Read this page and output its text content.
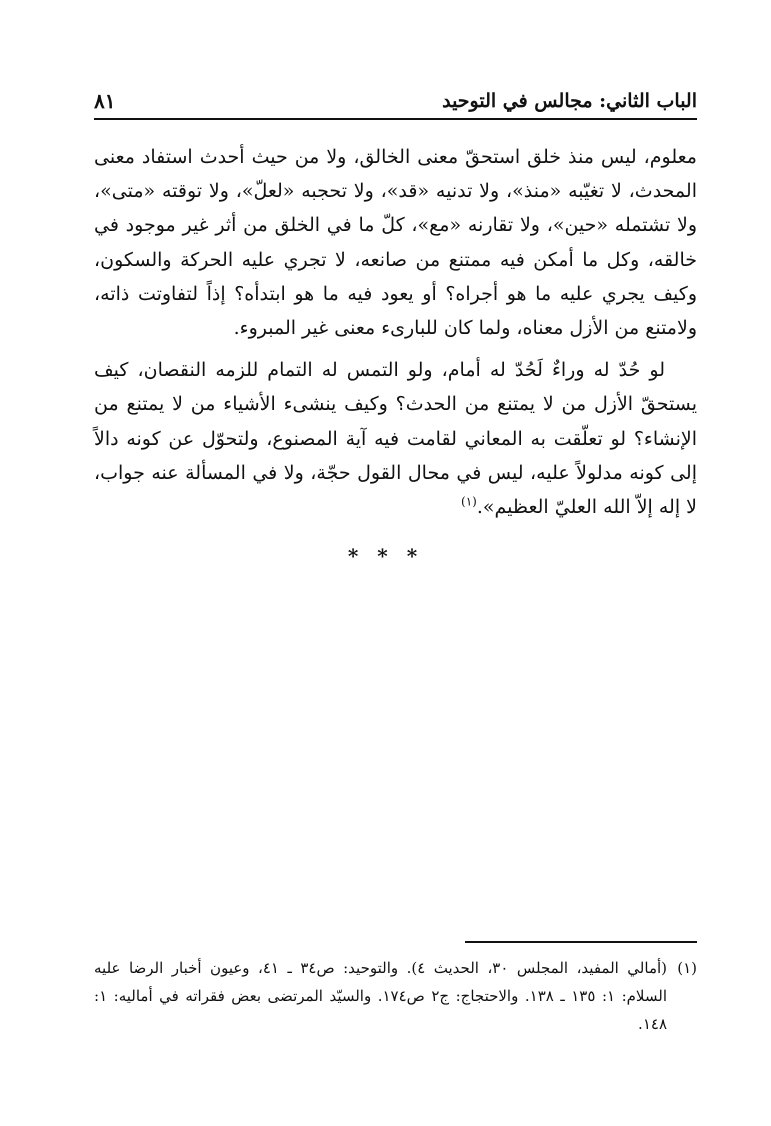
الباب الثاني: مجالس في التوحيد
٨١

معلوم، ليس منذ خلق استحقّ معنى الخالق، ولا من حيث أحدث استفاد معنى المحدث، لا تغيّبه «منذ»، ولا تدنيه «قد»، ولا تحجبه «لعلّ»، ولا توقته «متى»، ولا تشتمله «حين»، ولا تقارنه «مع»، كلّ ما في الخلق من أثر غير موجود في خالقه، وكل ما أمكن فيه ممتنع من صانعه، لا تجري عليه الحركة والسكون، وكيف يجري عليه ما هو أجراه؟ أو يعود فيه ما هو ابتدأه؟ إذاً لتفاوتت ذاته، ولامتنع من الأزل معناه، ولما كان للبارىء معنى غير المبروء.

لو حُدّ له وراءٌ لَحُدّ له أمام، ولو التمس له التمام للزمه النقصان، كيف يستحقّ الأزل من لا يمتنع من الحدث؟ وكيف ينشىء الأشياء من لا يمتنع من الإنشاء؟ لو تعلّقت به المعاني لقامت فيه آية المصنوع، ولتحوّل عن كونه دالاً إلى كونه مدلولاً عليه، ليس في محال القول حجّة، ولا في المسألة عنه جواب، لا إله إلاّ الله العليّ العظيم».$^{(١)}$

* * *

(١)
(أمالي المفيد، المجلس ٣٠، الحديث ٤). والتوحيد: ص٣٤ ـ ٤١، وعيون أخبار الرضا عليه السلام: ١: ١٣٥ ـ ١٣٨. والاحتجاج: ج٢ ص١٧٤. والسيّد المرتضى بعض فقراته في أماليه: ١: ١٤٨.
